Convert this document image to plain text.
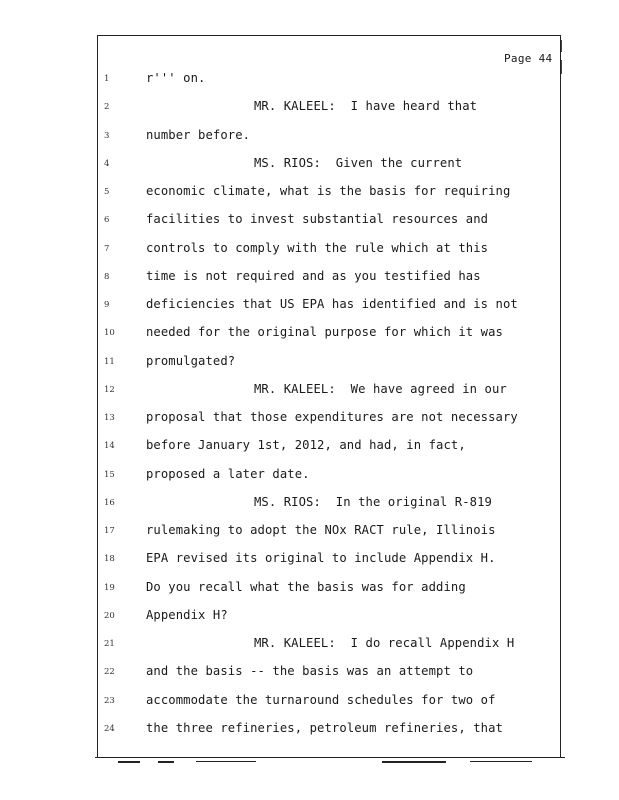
Page 44
1	r''' on.
2	MR. KALEEL:  I have heard that
3	number before.
4	MS. RIOS:  Given the current
5	economic climate, what is the basis for requiring
6	facilities to invest substantial resources and
7	controls to comply with the rule which at this
8	time is not required and as you testified has
9	deficiencies that US EPA has identified and is not
10	needed for the original purpose for which it was
11	promulgated?
12	MR. KALEEL:  We have agreed in our
13	proposal that those expenditures are not necessary
14	before January 1st, 2012, and had, in fact,
15	proposed a later date.
16	MS. RIOS:  In the original R-819
17	rulemaking to adopt the NOx RACT rule, Illinois
18	EPA revised its original to include Appendix H.
19	Do you recall what the basis was for adding
20	Appendix H?
21	MR. KALEEL:  I do recall Appendix H
22	and the basis -- the basis was an attempt to
23	accommodate the turnaround schedules for two of
24	the three refineries, petroleum refineries, that
